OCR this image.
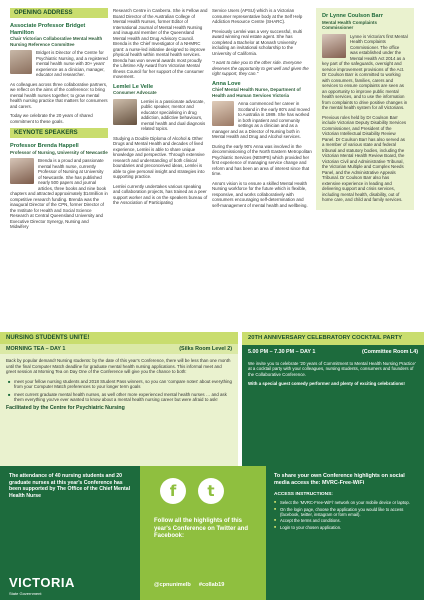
OPENING ADDRESS
Associate Professor Bridget Hamilton
Chair Victorian Collaborative Mental Health Nursing Reference Committee
Bridget is Director of the Centre for Psychiatric Nursing, and a registered mental health nurse with 30+ years' experience as a clinician, manager, educator and researcher.
As colleagues across three collaborative partners, we reflect on the aims of the conference: to bring mental health nurses together; to grow mental health nursing practice that matters for consumers and carers.
Today we celebrate the 20 years of shared commitment to these goals.
KEYNOTE SPEAKERS
Professor Brenda Happell
Professor of Nursing, University of Newcastle
Brenda is a proud and passionate mental health nurse, currently Professor of Nursing at University of Newcastle. She has published nearly 500 papers and journal articles, three books and nine book chapters and attracted approximately $14million in competitive research funding. Brenda was the inaugural Director of the CPN, former Director of the Institute for Health and Social Science Research at Central Queensland University and Executive Director Synergy, Nursing and Midwifery
Research Centre in Canberra. She is Fellow and Board Director of the Australian College of Mental Health Nurses, former Editor of International Journal of Mental Health Nursing and inaugural member of the Queensland Mental Health and Drug Advisory Council. Brenda is the Chief Investigator of a NHMRC grant: a nurse-led initiative designed to improve physical health within mental health services. Brenda has won several awards most proudly the Lifetime Ally Award from Victorian Mental Illness Council for her support of the consumer movement.
Lemlei Le Velle
Consumer Advocate
Lemlei is a passionate advocate, public speaker, mentor and educator specialising in drug addiction, addictive behaviours, mental health and dual diagnosis related topics.
Studying a Double Diploma of Alcohol & Other Drugs and Mental Health and decades of lived experience, Lemlei is able to share unique knowledge and perspective. Through extensive research and understanding of both clinical boundaries and preconceived ideas, Lemlei is able to give personal insight and strategies into supporting practice.
Lemlei currently undertakes various speaking and collaboration projects, has trained as a peer support worker and is on the speakers bureau of the Association of Participating
Service Users (APSU) which is a Victorian consumer representative body at the Self Help Addiction Resource Centre (SHARC).
Previously Lemlei was a very successful, multi award winning real estate agent. She has completed a Bachelor at Monash University including an invitational scholarship to the University of California.
"I want to take you to the other side. Everyone deserves the opportunity to get well and given the right support, they can."
Anna Love
Chief Mental Health Nurse, Department of Health and Human Services Victoria
Anna commenced her career in Scotland in the early 80's and moved to Australia in 1989. She has worked in both inpatient and community settings as a clinician and as a manager and as a Director of Nursing both in Mental Health and Drug and Alcohol services.
During the early 90's Anna was involved in the decommissioning of the North Eastern Metropolitan Psychiatric Services (NEMPS) which provided her first experience of managing service change and reform and has been an area of interest since that time.
Anna's vision is to ensure a skilled Mental Health Nursing workforce for the future which is flexible, responsive, and works collaboratively with consumers encouraging self-determination and self-management of mental health and wellbeing.
Dr Lynne Coulson Barr
Mental Health Complaints Commissioner
Lynne is Victoria's first Mental Health Complaints Commissioner. The office was established under the Mental Health Act 2014 as a key part of the safeguards, oversight and service improvement provisions of the Act. Dr Coulson Barr is committed to working with consumers, families, carers and services to ensure complaints are seen as an opportunity to improve public mental health services, and to use the information from complaints to drive positive changes in the mental health system for all Victorians.
Previous roles held by Dr Coulson Barr include Victorian Deputy Disability Services Commissioner, and President of the Victorian Intellectual Disability Review Panel. Dr Coulson Barr has also served as a member of various state and federal tribunal and statutory bodies, including the Victorian Mental Health Review Board, the Victorian Civil and Administrative Tribunal, the Victorian Multiple and Complex Needs Panel, and the Administrative Appeals Tribunal. Dr Coulson Barr also has extensive experience in leading and delivering support and crisis services, including mental health, disability, out of home care, and child and family services.
NURSING STUDENTS UNITE!
MORNING TEA – DAY 1	(Silks Room Level 2)
Back by popular demand! Nursing students: by the date of this year's Conference, there will be less than one month until the final Computer Match deadline for graduate mental health nursing applications. This informal meet and greet session at Morning Tea on Day One of the Conference will give you the chance to both:
■ meet your fellow nursing students and 2018 Student Pass winners, so you can 'compare notes' about everything from your Computer Match preferences to your longer term goals
■ meet current graduate mental health nurses, as well other more experienced mental health nurses … and ask them everything you've ever wanted to know about a mental health nursing career but were afraid to ask!
Facilitated by the Centre for Psychiatric Nursing
20TH ANNIVERSARY CELEBRATORY COCKTAIL PARTY
5.00 PM – 7.30 PM – DAY 1	(Committee Room L4)
We invite you to celebrate '20 years of Commitment to Mental Health Nursing Practice' at a cocktail party with your colleagues, nursing students, consumers and founders of the Collaborative Conference.
With a special guest comedy performer and plenty of exciting celebrations!
The attendance of 40 nursing students and 20 graduate nurses at this year's Conference has been supported by The Office of the Chief Mental Health Nurse
VICTORIA
State Government
f	t
Follow all the highlights of this year's Conference on Twitter and Facebook:
@cpnunimelb #collab19
To share your own Conference highlights on social media access the: MVRC-Free-WiFi
ACCESS INSTRUCTIONS:
■ Select the 'MVRC-Free-WiFi' network on your mobile device or laptop.
■ On the login page, choose the application you would like to access (facebook, twitter, instagram or form email).
■ Accept the terms and conditions.
■ Login to your chosen application.
